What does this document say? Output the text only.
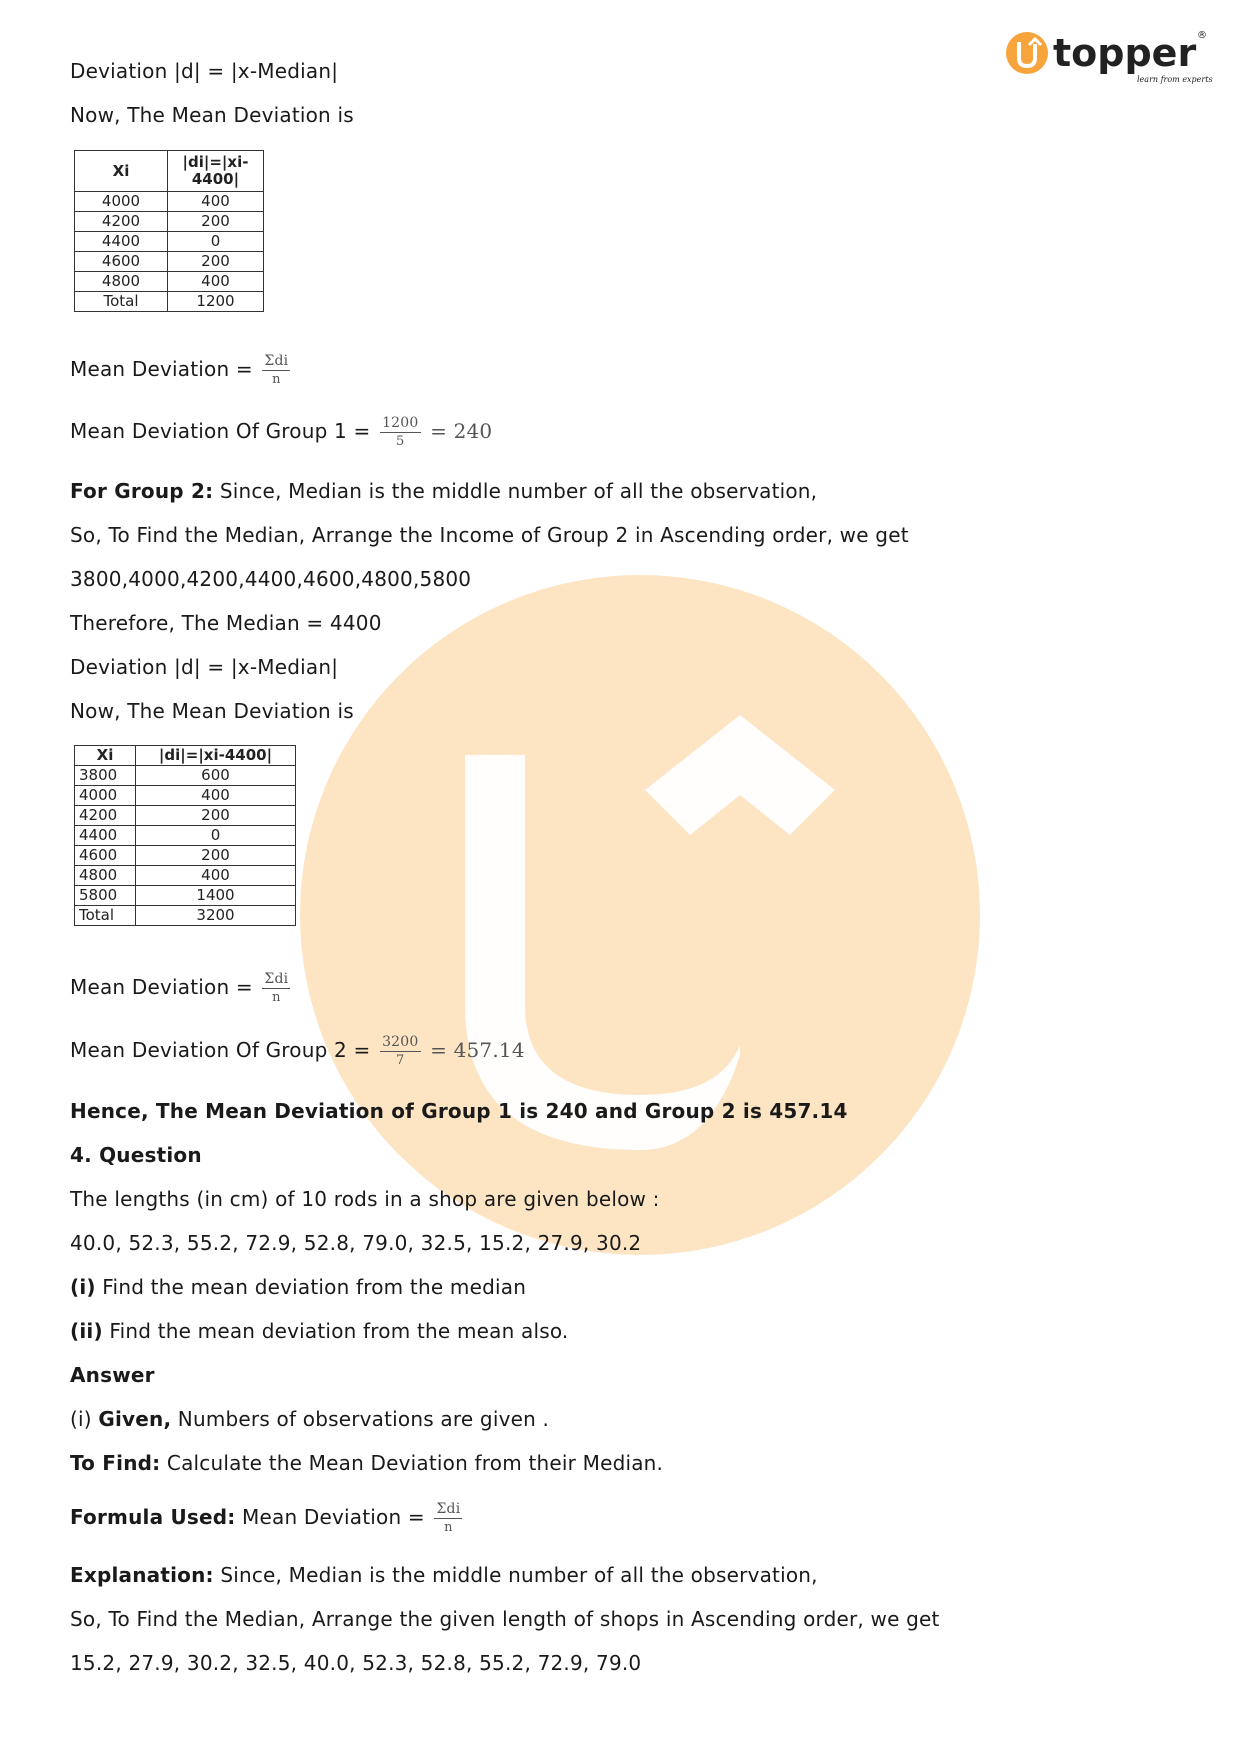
topper ®
learn from experts
Deviation |d| = |x-Median|
Now, The Mean Deviation is
Xi	|di|=|xi-
4400|
4000	400
4200	200
4400	0
4600	200
4800	400
Total	1200
Mean Deviation = $\frac{\text{Σdi}}{n}$
Mean Deviation Of Group $1 = \frac{1200}{5} = 240$
For Group 2: Since, Median is the middle number of all the observation,
So, To Find the Median, Arrange the Income of Group 2 in Ascending order, we get
3800,4000,4200,4400,4600,4800,5800
Therefore, The Median = 4400
Deviation |d| = |x-Median|
Now, The Mean Deviation is
Xi	|di|=|xi-4400|
3800	600
4000	400
4200	200
4400	0
4600	200
4800	400
5800	1400
Total	3200
Mean Deviation = $\frac{\text{Σdi}}{n}$
Mean Deviation Of Group $2 = \frac{3200}{7} = 457.14$
Hence, The Mean Deviation of Group 1 is 240 and Group 2 is 457.14
4. Question
The lengths (in cm) of 10 rods in a shop are given below :
40.0, 52.3, 55.2, 72.9, 52.8, 79.0, 32.5, 15.2, 27.9, 30.2
(i) Find the mean deviation from the median
(ii) Find the mean deviation from the mean also.
Answer
(i) Given, Numbers of observations are given .
To Find: Calculate the Mean Deviation from their Median.
Formula Used: Mean Deviation = $\frac{\text{Σdi}}{n}$
Explanation: Since, Median is the middle number of all the observation,
So, To Find the Median, Arrange the given length of shops in Ascending order, we get
15.2, 27.9, 30.2, 32.5, 40.0, 52.3, 52.8, 55.2, 72.9, 79.0
